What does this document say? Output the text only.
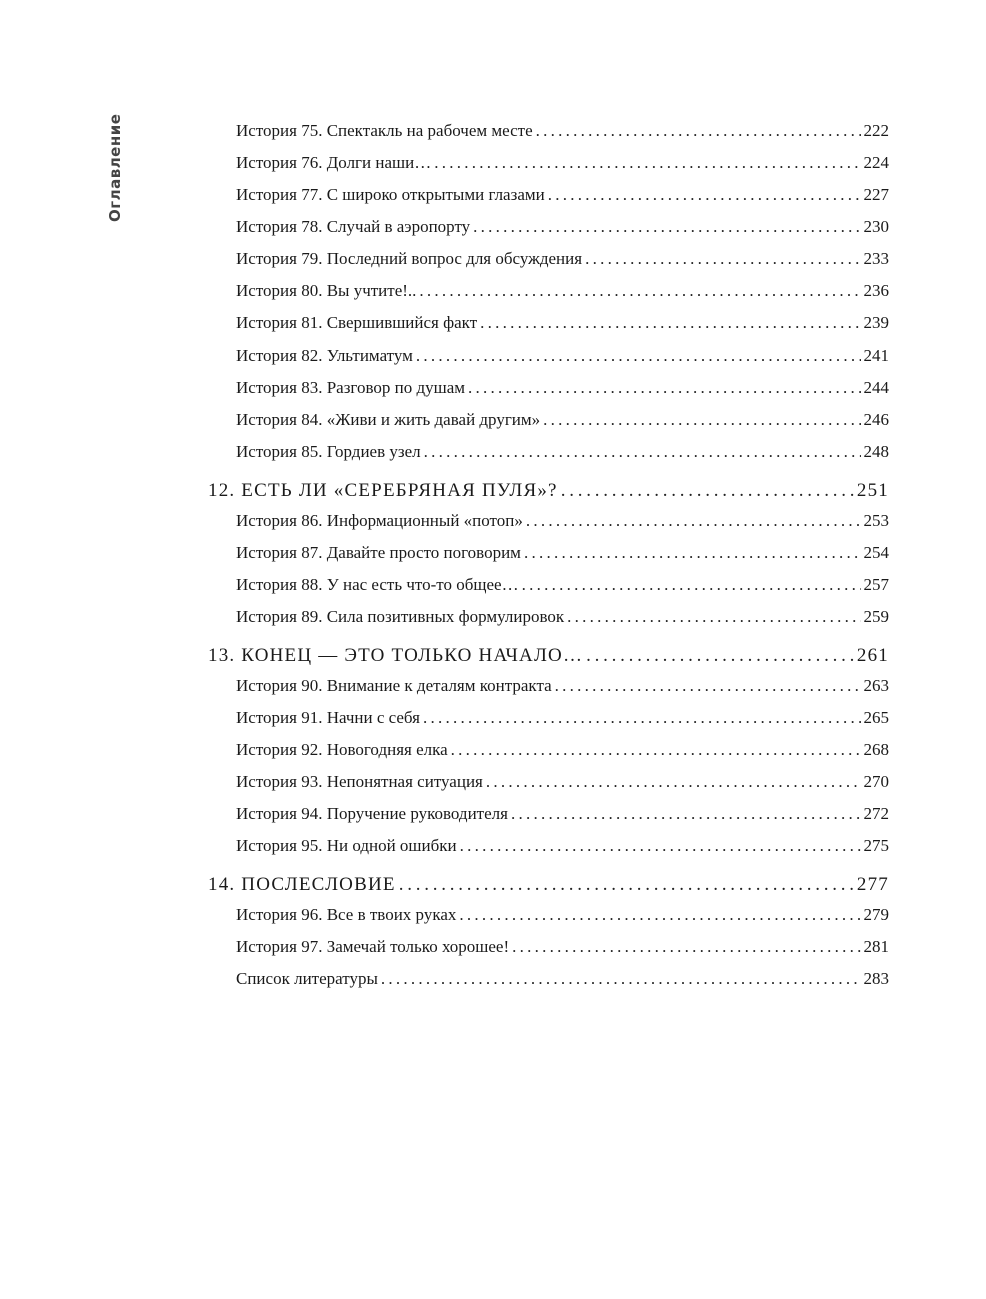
Оглавление	История 75. Спектакль на рабочем месте . . .	222
История 76. Долги наши… . . .	224
История 77. С широко открытыми глазами . . .	227
История 78. Случай в аэропорту . . .	230
История 79. Последний вопрос для обсуждения . . .	233
История 80. Вы учтите!.. . . .	236
История 81. Свершившийся факт . . .	239
История 82. Ультиматум . . .	241
История 83. Разговор по душам . . .	244
История 84. «Живи и жить давай другим» . . .	246
История 85. Гордиев узел . . .	248
12. ЕСТЬ ЛИ «СЕРЕБРЯНАЯ ПУЛЯ»? . . .	251
История 86. Информационный «потоп» . . .	253
История 87. Давайте просто поговорим . . .	254
История 88. У нас есть что-то общее… . . .	257
История 89. Сила позитивных формулировок . . .	259
13. КОНЕЦ — ЭТО ТОЛЬКО НАЧАЛО… . . .	261
История 90. Внимание к деталям контракта . . .	263
История 91. Начни с себя . . .	265
История 92. Новогодняя елка . . .	268
История 93. Непонятная ситуация . . .	270
История 94. Поручение руководителя . . .	272
История 95. Ни одной ошибки . . .	275
14. ПОСЛЕСЛОВИЕ . . .	277
История 96. Все в твоих руках . . .	279
История 97. Замечай только хорошее! . . .	281
Список литературы . . .	283
